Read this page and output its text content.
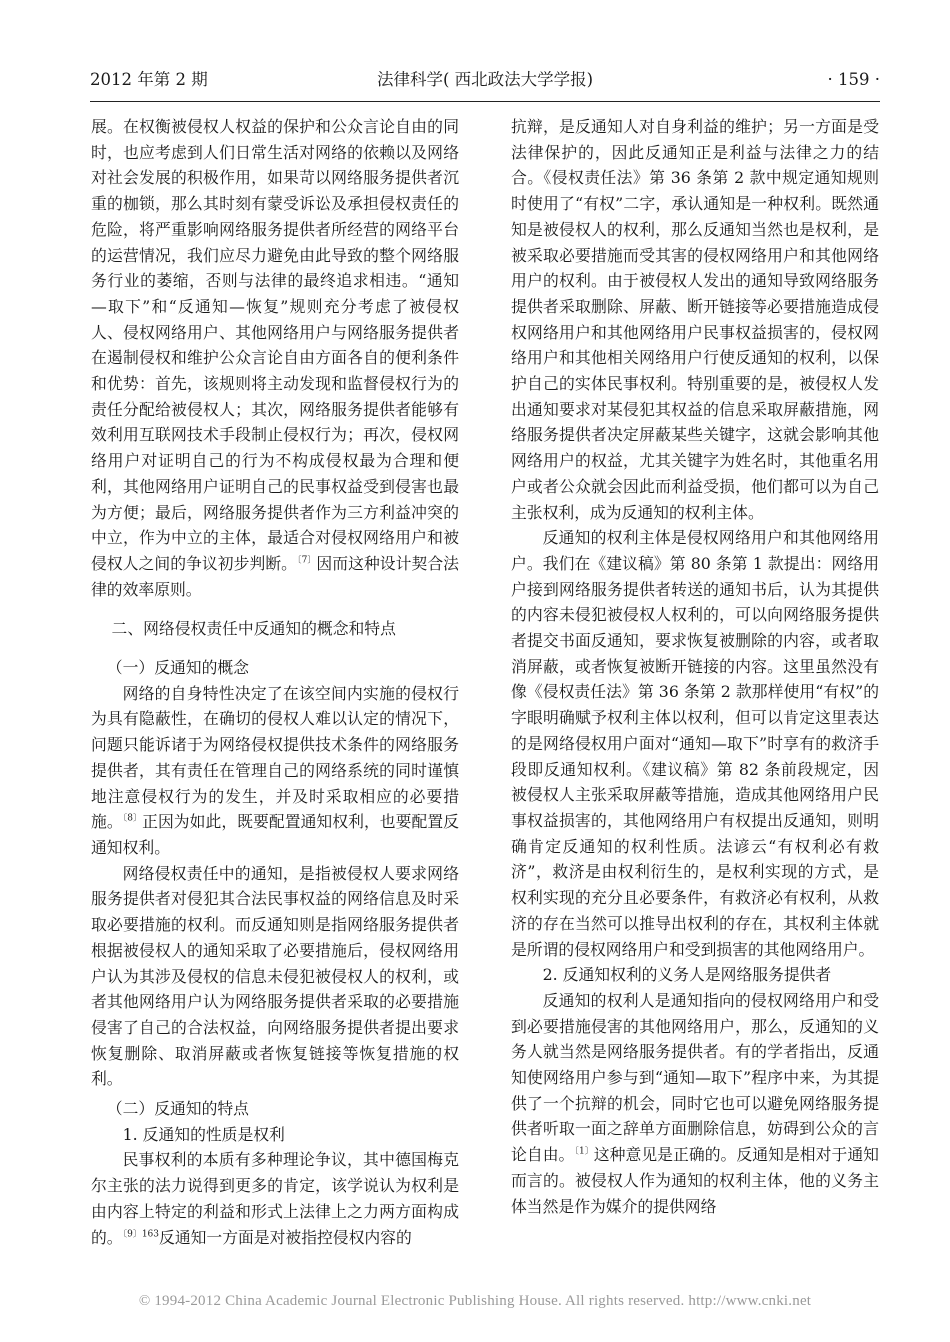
2012 年第 2 期	法律科学( 西北政法大学学报)	· 159 ·

展。在权衡被侵权人权益的保护和公众言论自由的同时，也应考虑到人们日常生活对网络的依赖以及网络对社会发展的积极作用，如果苛以网络服务提供者沉重的枷锁，那么其时刻有蒙受诉讼及承担侵权责任的危险，将严重影响网络服务提供者所经营的网络平台的运营情况，我们应尽力避免由此导致的整个网络服务行业的萎缩，否则与法律的最终追求相违。“通知—取下”和“反通知—恢复”规则充分考虑了被侵权人、侵权网络用户、其他网络用户与网络服务提供者在遏制侵权和维护公众言论自由方面各自的便利条件和优势：首先，该规则将主动发现和监督侵权行为的责任分配给被侵权人；其次，网络服务提供者能够有效利用互联网技术手段制止侵权行为；再次，侵权网络用户对证明自己的行为不构成侵权最为合理和便利，其他网络用户证明自己的民事权益受到侵害也最为方便；最后，网络服务提供者作为三方利益冲突的中立，作为中立的主体，最适合对侵权网络用户和被侵权人之间的争议初步判断。$^{〔7〕}$因而这种设计契合法律的效率原则。

二、网络侵权责任中反通知的概念和特点

（一）反通知的概念

网络的自身特性决定了在该空间内实施的侵权行为具有隐蔽性，在确切的侵权人难以认定的情况下，问题只能诉诸于为网络侵权提供技术条件的网络服务提供者，其有责任在管理自己的网络系统的同时谨慎地注意侵权行为的发生，并及时采取相应的必要措施。$^{〔8〕}$正因为如此，既要配置通知权利，也要配置反通知权利。

网络侵权责任中的通知，是指被侵权人要求网络服务提供者对侵犯其合法民事权益的网络信息及时采取必要措施的权利。而反通知则是指网络服务提供者根据被侵权人的通知采取了必要措施后，侵权网络用户认为其涉及侵权的信息未侵犯被侵权人的权利，或者其他网络用户认为网络服务提供者采取的必要措施侵害了自己的合法权益，向网络服务提供者提出要求恢复删除、取消屏蔽或者恢复链接等恢复措施的权利。

（二）反通知的特点

1. 反通知的性质是权利

民事权利的本质有多种理论争议，其中德国梅克尔主张的法力说得到更多的肯定，该学说认为权利是由内容上特定的利益和形式上法律上之力两方面构成的。$^{〔9〕163}$反通知一方面是对被指控侵权内容的

抗辩，是反通知人对自身利益的维护；另一方面是受法律保护的，因此反通知正是利益与法律之力的结合。《侵权责任法》第 36 条第 2 款中规定通知规则时使用了“有权”二字，承认通知是一种权利。既然通知是被侵权人的权利，那么反通知当然也是权利，是被采取必要措施而受其害的侵权网络用户和其他网络用户的权利。由于被侵权人发出的通知导致网络服务提供者采取删除、屏蔽、断开链接等必要措施造成侵权网络用户和其他网络用户民事权益损害的，侵权网络用户和其他相关网络用户行使反通知的权利，以保护自己的实体民事权利。特别重要的是，被侵权人发出通知要求对某侵犯其权益的信息采取屏蔽措施，网络服务提供者决定屏蔽某些关键字，这就会影响其他网络用户的权益，尤其关键字为姓名时，其他重名用户或者公众就会因此而利益受损，他们都可以为自己主张权利，成为反通知的权利主体。

反通知的权利主体是侵权网络用户和其他网络用户。我们在《建议稿》第 80 条第 1 款提出：网络用户接到网络服务提供者转送的通知书后，认为其提供的内容未侵犯被侵权人权利的，可以向网络服务提供者提交书面反通知，要求恢复被删除的内容，或者取消屏蔽，或者恢复被断开链接的内容。这里虽然没有像《侵权责任法》第 36 条第 2 款那样使用“有权”的字眼明确赋予权利主体以权利，但可以肯定这里表达的是网络侵权用户面对“通知—取下”时享有的救济手段即反通知权利。《建议稿》第 82 条前段规定，因被侵权人主张采取屏蔽等措施，造成其他网络用户民事权益损害的，其他网络用户有权提出反通知，则明确肯定反通知的权利性质。法谚云“有权利必有救济”，救济是由权利衍生的，是权利实现的方式，是权利实现的充分且必要条件，有救济必有权利，从救济的存在当然可以推导出权利的存在，其权利主体就是所谓的侵权网络用户和受到损害的其他网络用户。

2. 反通知权利的义务人是网络服务提供者

反通知的权利人是通知指向的侵权网络用户和受到必要措施侵害的其他网络用户，那么，反通知的义务人就当然是网络服务提供者。有的学者指出，反通知使网络用户参与到“通知—取下”程序中来，为其提供了一个抗辩的机会，同时它也可以避免网络服务提供者听取一面之辞单方面删除信息，妨碍到公众的言论自由。$^{〔1〕}$这种意见是正确的。反通知是相对于通知而言的。被侵权人作为通知的权利主体，他的义务主体当然是作为媒介的提供网络

© 1994-2012 China Academic Journal Electronic Publishing House. All rights reserved. http://www.cnki.net
